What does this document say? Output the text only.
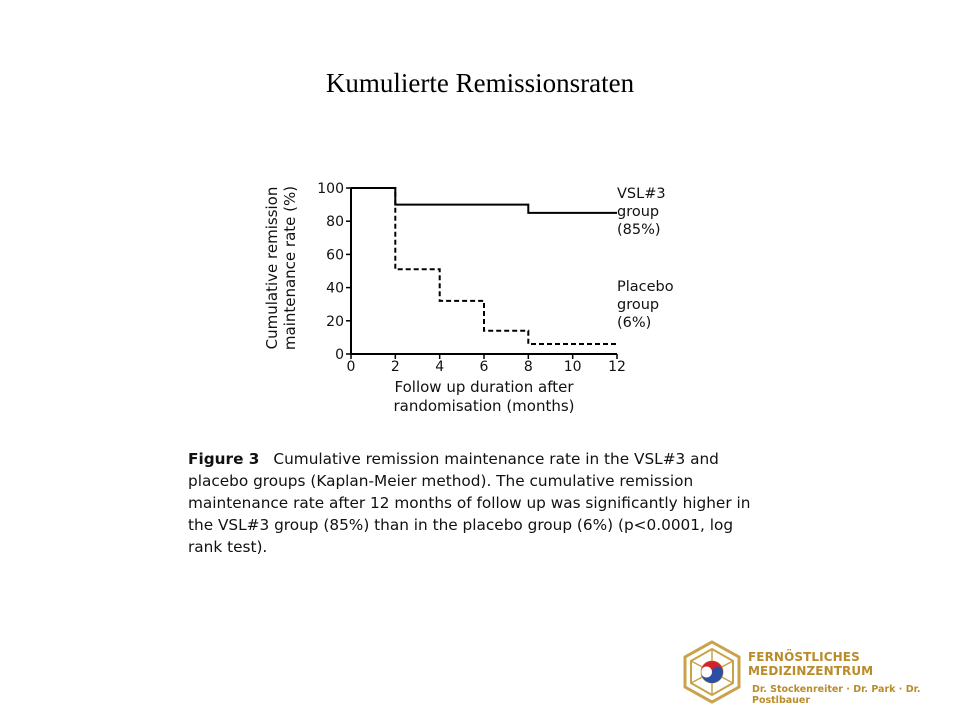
Kumulierte Remissionsraten
0
20
40
60
80
100
0	2	4	6	8 10 12
Cumulative remissionmaintenance rate (%)
Follow up duration after
randomisation (months)
VSL#3
group
(85%)
Placebo
group
(6%)
Figure 3 Cumulative remission maintenance rate in the VSL#3 and placebo groups (Kaplan-Meier method). The cumulative remission maintenance rate after 12 months of follow up was significantly higher in the VSL#3 group (85%) than in the placebo group (6%) (p<0.0001, log rank test).
FERNÖSTLICHES MEDIZINZENTRUM
Dr. Stockenreiter · Dr. Park · Dr. Postlbauer
